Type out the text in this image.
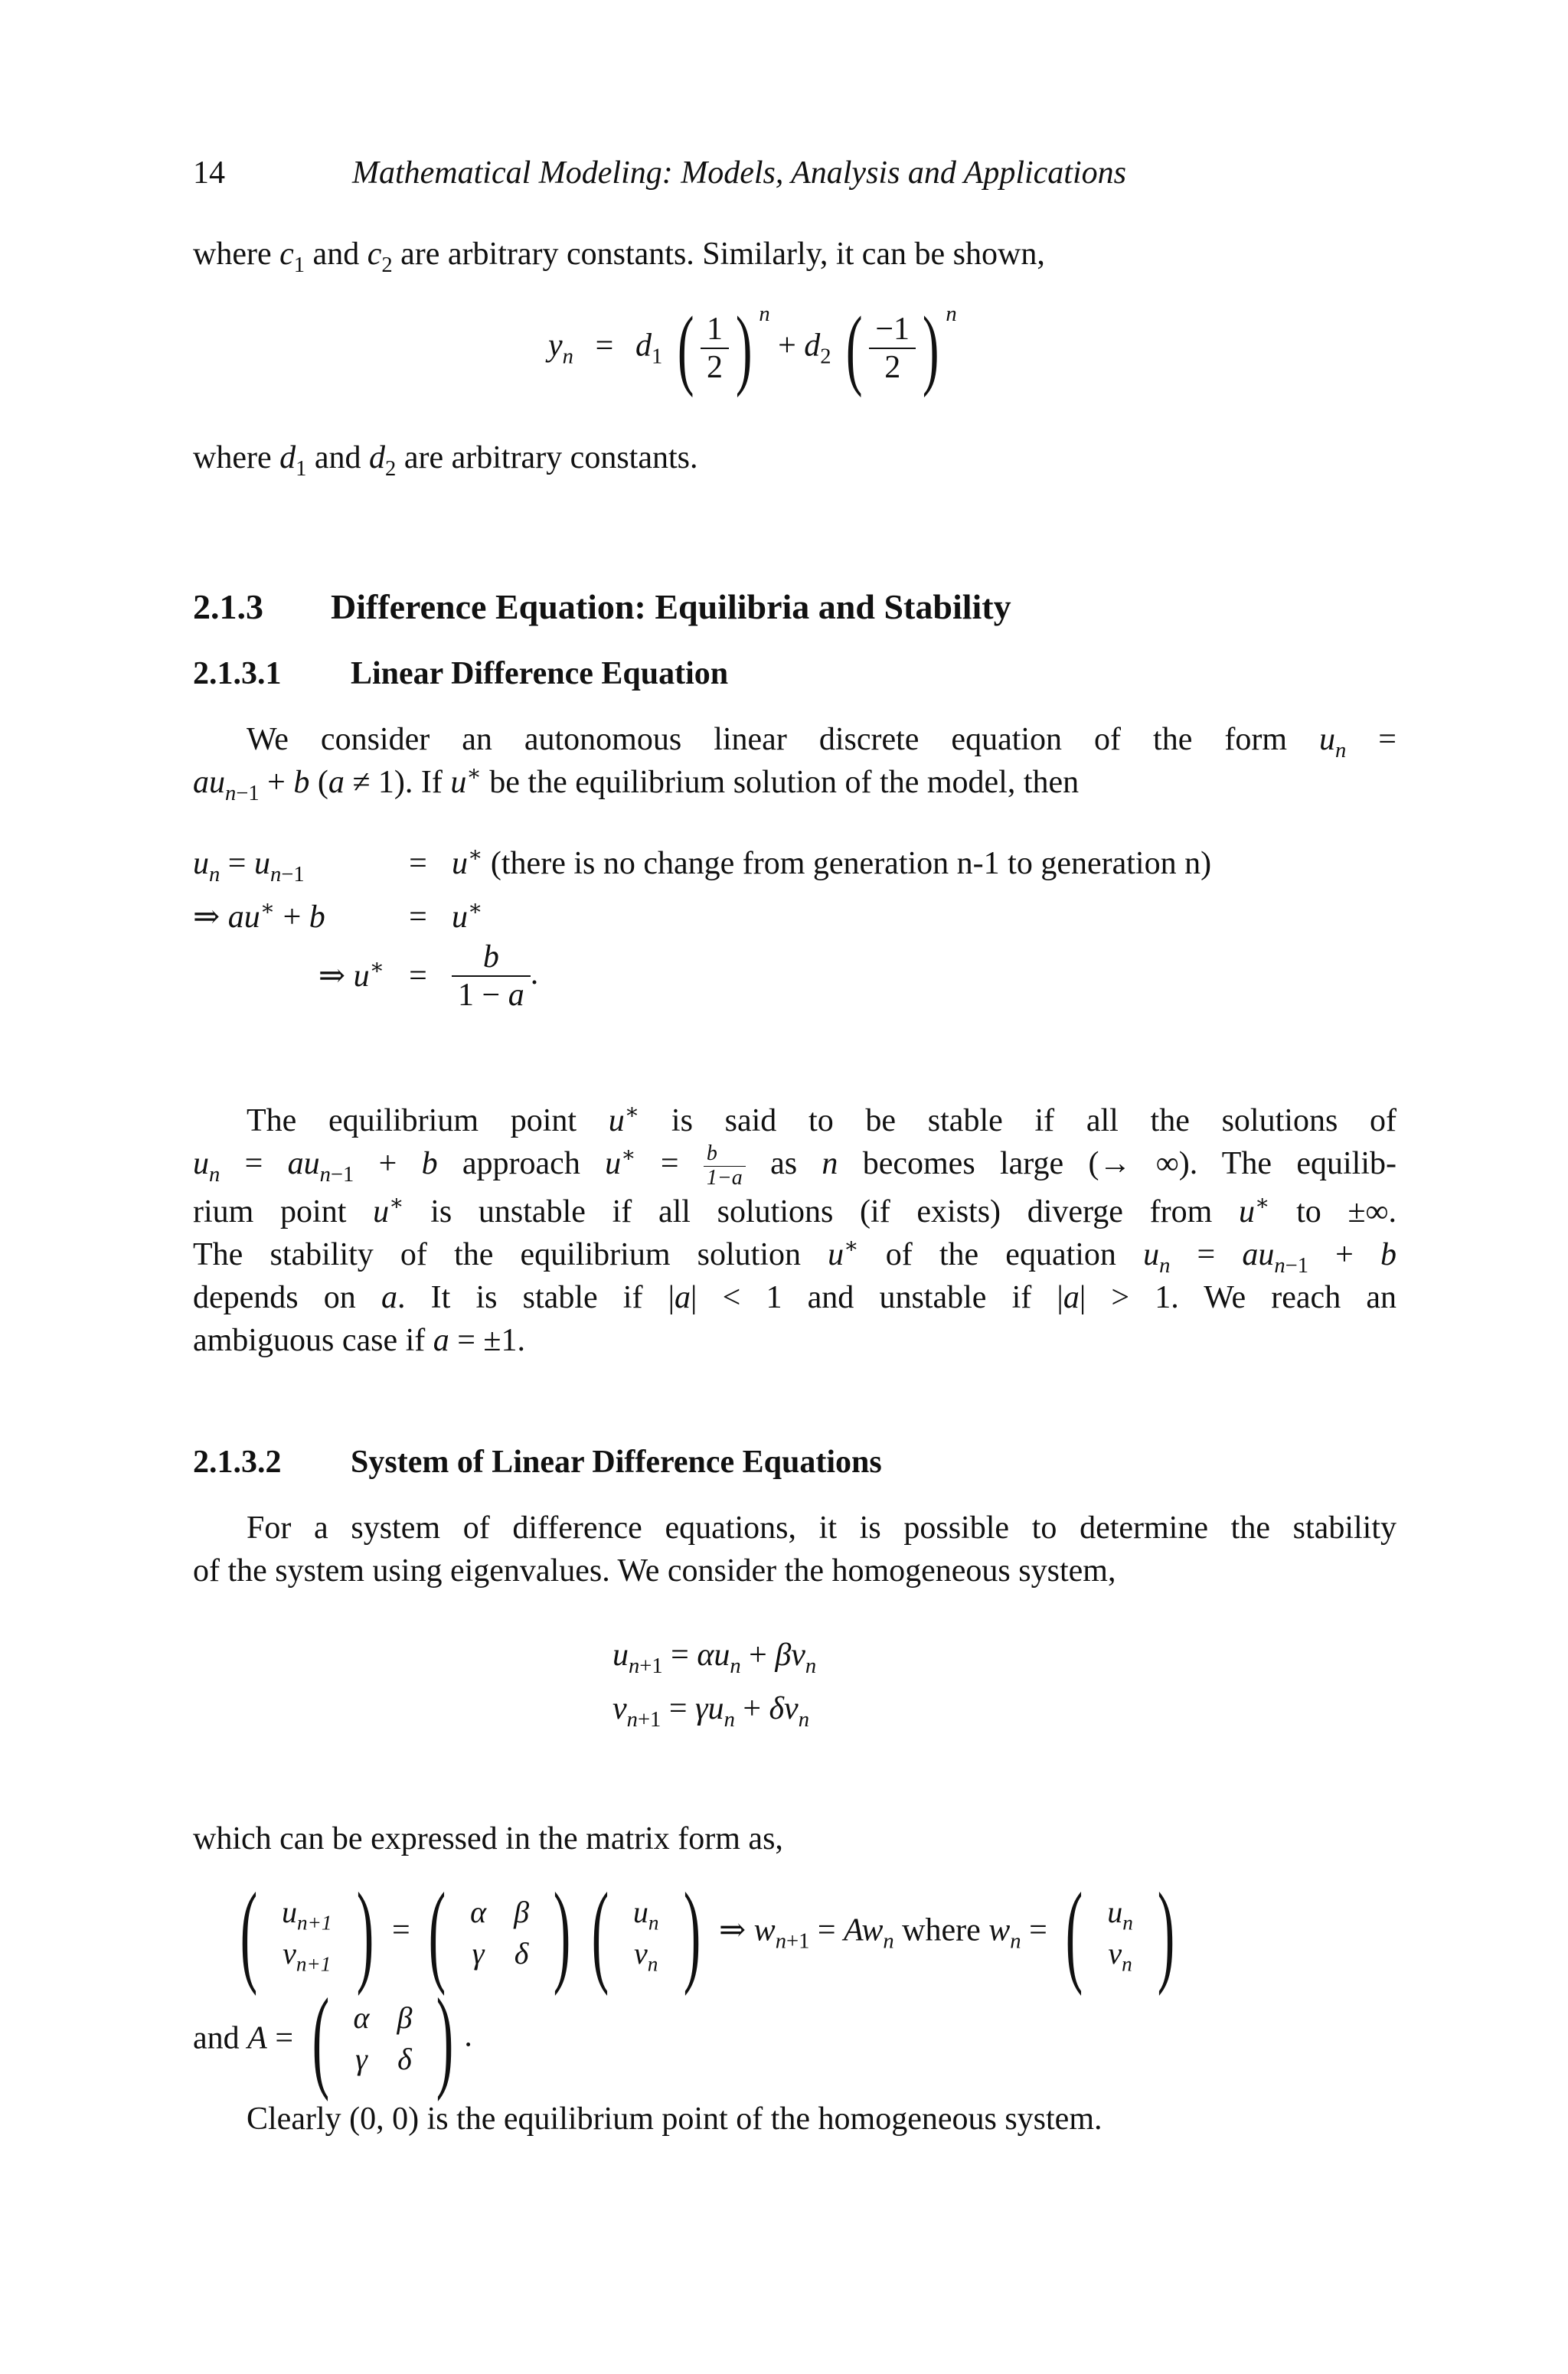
14	Mathematical Modeling: Models, Analysis and Applications
where $c_1$ and $c_2$ are arbitrary constants. Similarly, it can be shown,
$y_n = d_1$ ( $\frac{1}{2}$ ) $^n + d_2$ ( $\frac{-1}{2}$ ) $^n$
where $d_1$ and $d_2$ are arbitrary constants.
2.1.3 Difference Equation: Equilibria and Stability
2.1.3.1 Linear Difference Equation
We consider an autonomous linear discrete equation of the form $u_n$ =
$au_{n-1} + b$ (a ≠ 1). If u∗ be the equilibrium solution of the model, then
$u_n = u_{n-1}$	= u∗ (there is no change from generation n-1 to generation n)
⇒ au∗ + b	= u∗
⇒ $u^∗ = \frac{b}{1 - a}$ .
The equilibrium point u∗ is said to be stable if all the solutions of
$u_n = au_{n-1} + b$ approach $u^∗ = \frac{b}{1-a}$ as n becomes large (→ ∞). The equilib-
rium point u∗ is unstable if all solutions (if exists) diverge from u∗ to ±∞.
The stability of the equilibrium solution u∗ of the equation $u_n = au_{n-1} + b$
depends on a. It is stable if |a| < 1 and unstable if |a| > 1. We reach an
ambiguous case if a = ±1.
2.1.3.2 System of Linear Difference Equations
For a system of difference equations, it is possible to determine the stability
of the system using eigenvalues. We consider the homogeneous system,
$u_{n+1} = \alpha u_n + \beta v_n$
$v_{n+1} = \gamma u_n + \delta v_n$
which can be expressed in the matrix form as,
( $u_{n+1}$
$v_{n+1}$ ) = ( α	β
γ	δ ) ( $u_n$
$v_n$ ) ⇒ $w_{n+1} = Aw_n$ where $w_n$ = ( $u_n$
$v_n$ )
and A = ( α	β
γ	δ ) .
Clearly (0, 0) is the equilibrium point of the homogeneous system.
